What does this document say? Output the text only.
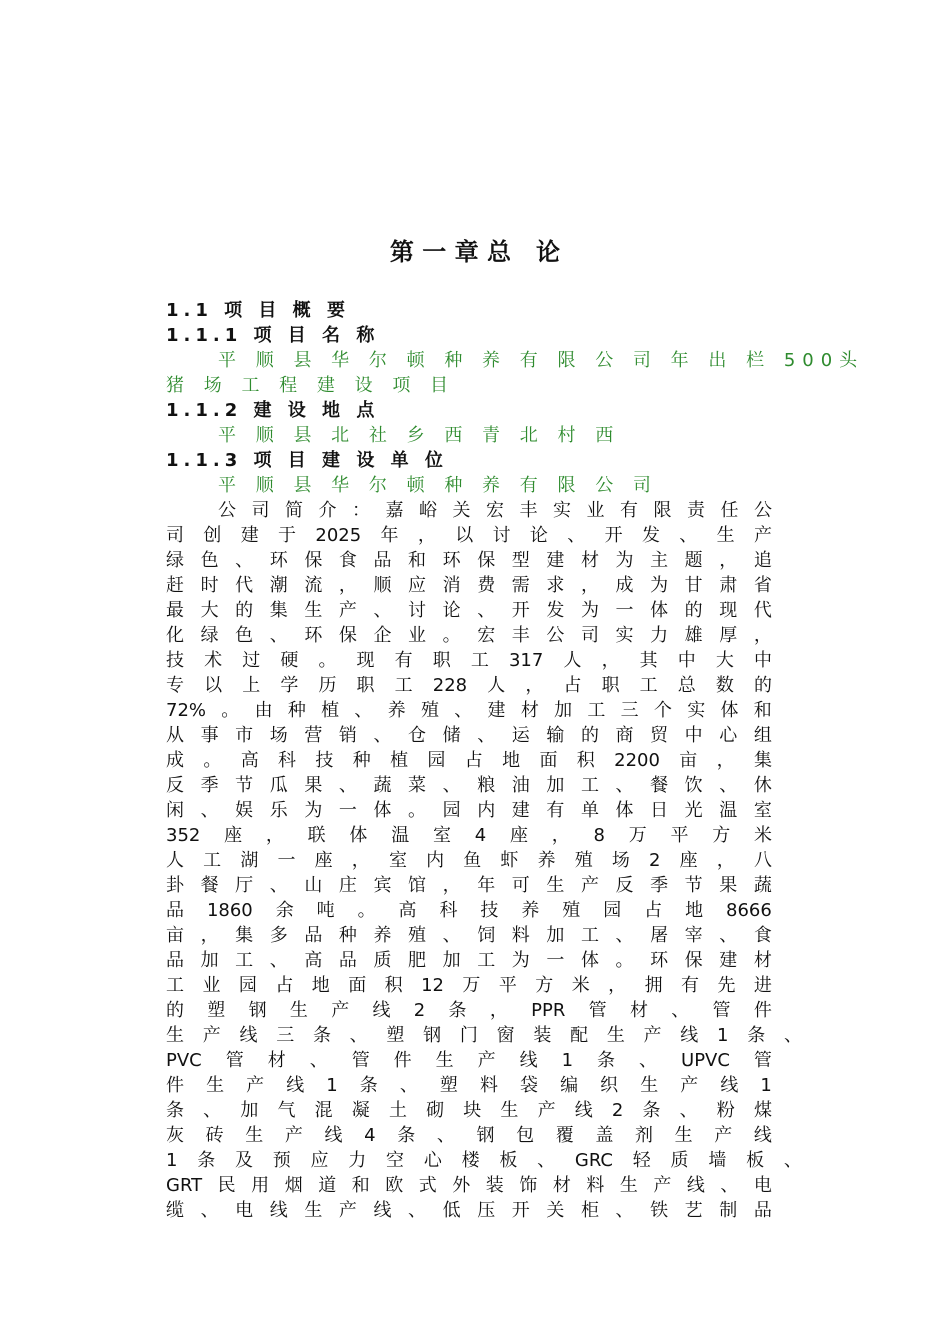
第 一 章 总   论
1.1 项 目 概 要
1.1.1 项 目 名 称
平 顺 县 华 尔 顿 种 养 有 限 公 司 年 出 栏 500头
猪 场 工 程 建 设 项 目
1.1.2 建 设 地 点
平 顺 县 北 社 乡 西 青 北 村 西
1.1.3 项 目 建 设 单 位
平 顺 县 华 尔 顿 种 养 有 限 公 司
公 司 简 介 ： 嘉 峪 关 宏 丰 实 业 有 限 责 任 公
司 创 建 于 2025 年 ， 以 讨 论 、 开 发 、 生 产
绿 色 、 环 保 食 品 和 环 保 型 建 材 为 主 题 ， 追
赶 时 代 潮 流 ， 顺 应 消 费 需 求 ， 成 为 甘 肃 省
最 大 的 集 生 产 、 讨 论 、 开 发 为 一 体 的 现 代
化 绿 色 、 环 保 企 业 。 宏 丰 公 司 实 力 雄 厚 ，
技 术 过 硬 。 现 有 职 工 317 人 ， 其 中 大 中
专 以 上 学 历 职 工 228 人 ， 占 职 工 总 数 的
72% 。 由 种 植 、 养 殖 、 建 材 加 工 三 个 实 体 和
从 事 市 场 营 销 、 仓 储 、 运 输 的 商 贸 中 心 组
成 。 高 科 技 种 植 园 占 地 面 积 2200 亩 ， 集
反 季 节 瓜 果 、 蔬 菜 、 粮 油 加 工 、 餐 饮 、 休
闲 、 娱 乐 为 一 体 。 园 内 建 有 单 体 日 光 温 室
352 座 ， 联 体 温 室 4 座 ， 8 万 平 方 米
人 工 湖 一 座 ， 室 内 鱼 虾 养 殖 场 2 座 ， 八
卦 餐 厅 、 山 庄 宾 馆 ， 年 可 生 产 反 季 节 果 蔬
品 1860 余 吨 。 高 科 技 养 殖 园 占 地 8666
亩 ， 集 多 品 种 养 殖 、 饲 料 加 工 、 屠 宰 、 食
品 加 工 、 高 品 质 肥 加 工 为 一 体 。 环 保 建 材
工 业 园 占 地 面 积 12 万 平 方 米 ， 拥 有 先 进
的 塑 钢 生 产 线 2 条 ， PPR 管 材 、 管 件
生 产 线 三 条 、 塑 钢 门 窗 装 配 生 产 线 1 条 、
PVC 管 材 、 管 件 生 产 线 1 条 、 UPVC 管
件 生 产 线 1 条 、 塑 料 袋 编 织 生 产 线 1
条 、 加 气 混 凝 土 砌 块 生 产 线 2 条 、 粉 煤
灰 砖 生 产 线 4 条 、 钢 包 覆 盖 剂 生 产 线
1 条 及 预 应 力 空 心 楼 板 、 GRC 轻 质 墙 板 、
GRT 民 用 烟 道 和 欧 式 外 装 饰 材 料 生 产 线 、 电
缆 、 电 线 生 产 线 、 低 压 开 关 柜 、 铁 艺 制 品
